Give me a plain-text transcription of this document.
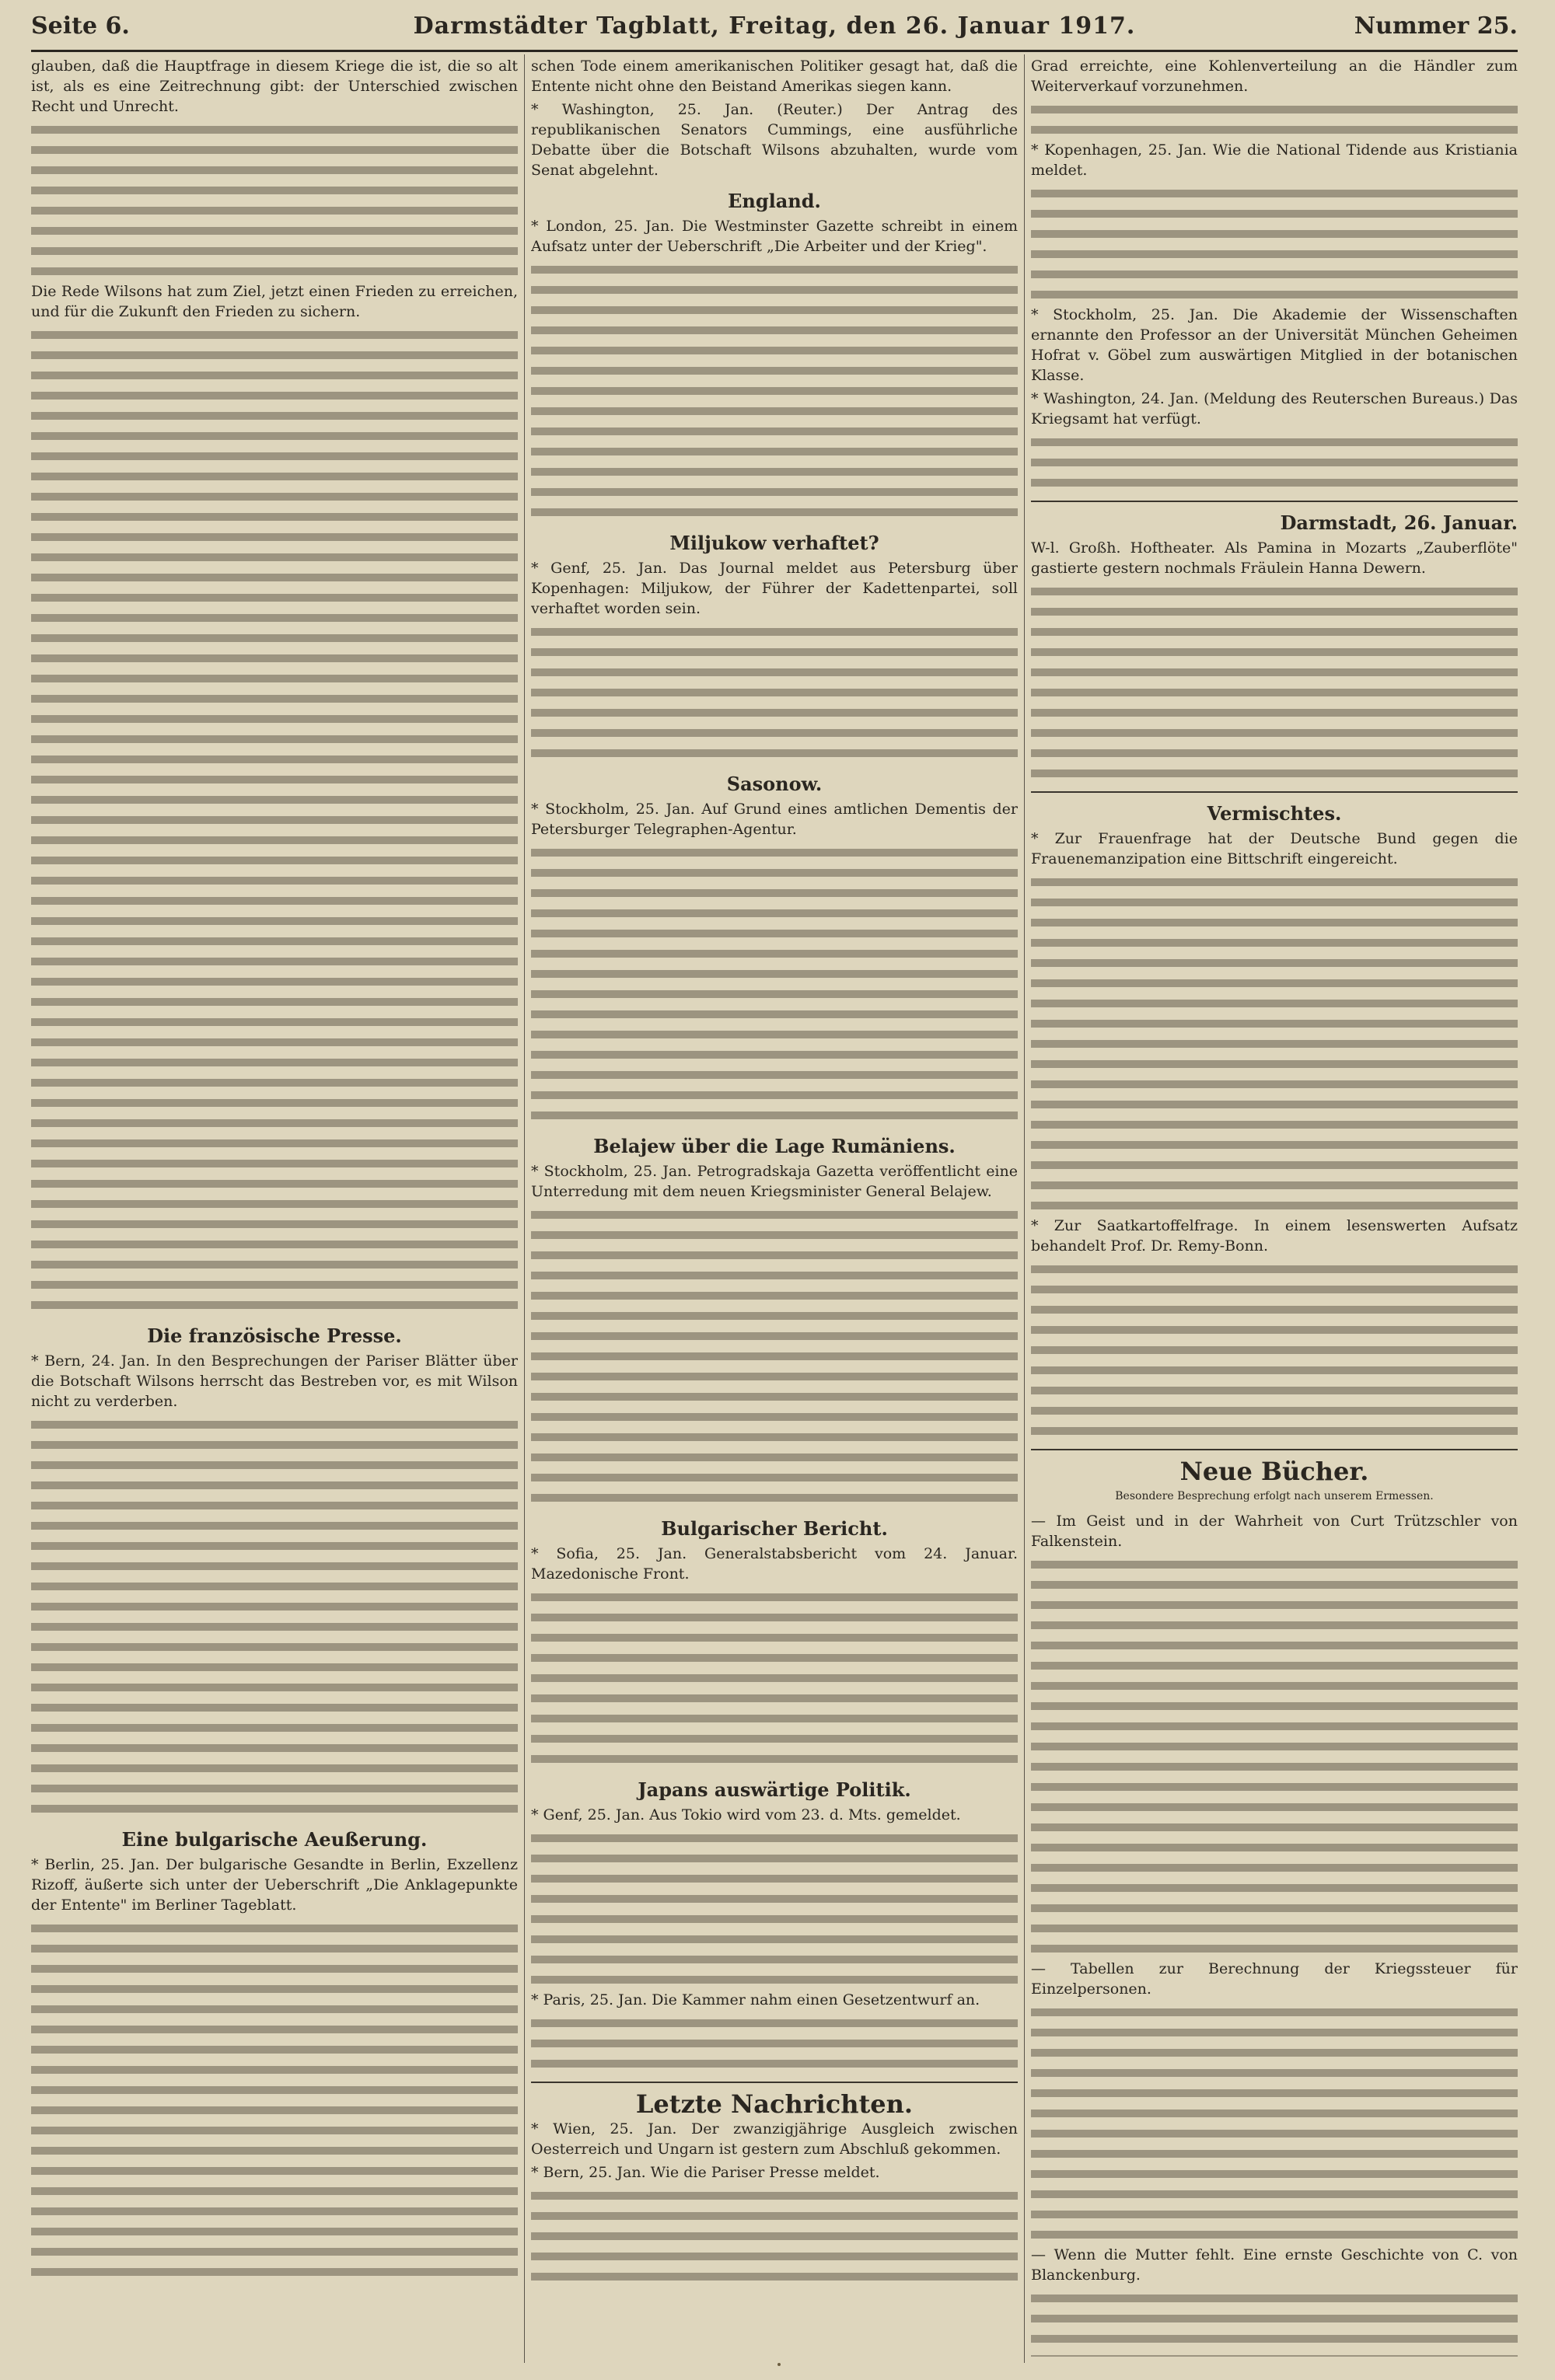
Seite 6.	Darmstädter Tagblatt, Freitag, den 26. Januar 1917.	Nummer 25.

glauben, daß die Hauptfrage in diesem Kriege die ist, die so alt ist, als es eine Zeitrechnung gibt: der Unterschied zwischen Recht und Unrecht.

Die Rede Wilsons hat zum Ziel, jetzt einen Frieden zu erreichen, und für die Zukunft den Frieden zu sichern.

Die französische Presse.

* Bern, 24. Jan. In den Besprechungen der Pariser Blätter über die Botschaft Wilsons herrscht das Bestreben vor, es mit Wilson nicht zu verderben.

Eine bulgarische Aeußerung.

* Berlin, 25. Jan. Der bulgarische Gesandte in Berlin, Exzellenz Rizoff, äußerte sich unter der Ueberschrift „Die Anklagepunkte der Entente" im Berliner Tageblatt.

schen Tode einem amerikanischen Politiker gesagt hat, daß die Entente nicht ohne den Beistand Amerikas siegen kann.

* Washington, 25. Jan. (Reuter.) Der Antrag des republikanischen Senators Cummings, eine ausführliche Debatte über die Botschaft Wilsons abzuhalten, wurde vom Senat abgelehnt.

England.

* London, 25. Jan. Die Westminster Gazette schreibt in einem Aufsatz unter der Ueberschrift „Die Arbeiter und der Krieg".

Miljukow verhaftet?

* Genf, 25. Jan. Das Journal meldet aus Petersburg über Kopenhagen: Miljukow, der Führer der Kadettenpartei, soll verhaftet worden sein.

Sasonow.

* Stockholm, 25. Jan. Auf Grund eines amtlichen Dementis der Petersburger Telegraphen-Agentur.

Belajew über die Lage Rumäniens.

* Stockholm, 25. Jan. Petrogradskaja Gazetta veröffentlicht eine Unterredung mit dem neuen Kriegsminister General Belajew.

Bulgarischer Bericht.

* Sofia, 25. Jan. Generalstabsbericht vom 24. Januar. Mazedonische Front.

Japans auswärtige Politik.

* Genf, 25. Jan. Aus Tokio wird vom 23. d. Mts. gemeldet.

* Paris, 25. Jan. Die Kammer nahm einen Gesetzentwurf an.

Letzte Nachrichten.

* Wien, 25. Jan. Der zwanzigjährige Ausgleich zwischen Oesterreich und Ungarn ist gestern zum Abschluß gekommen.

* Bern, 25. Jan. Wie die Pariser Presse meldet.

Grad erreichte, eine Kohlenverteilung an die Händler zum Weiterverkauf vorzunehmen.

* Kopenhagen, 25. Jan. Wie die National Tidende aus Kristiania meldet.

* Stockholm, 25. Jan. Die Akademie der Wissenschaften ernannte den Professor an der Universität München Geheimen Hofrat v. Göbel zum auswärtigen Mitglied in der botanischen Klasse.

* Washington, 24. Jan. (Meldung des Reuterschen Bureaus.) Das Kriegsamt hat verfügt.

Darmstadt, 26. Januar.

W-l. Großh. Hoftheater. Als Pamina in Mozarts „Zauberflöte" gastierte gestern nochmals Fräulein Hanna Dewern.

Vermischtes.

* Zur Frauenfrage hat der Deutsche Bund gegen die Frauenemanzipation eine Bittschrift eingereicht.

* Zur Saatkartoffelfrage. In einem lesenswerten Aufsatz behandelt Prof. Dr. Remy-Bonn.

Neue Bücher.
Besondere Besprechung erfolgt nach unserem Ermessen.

— Im Geist und in der Wahrheit von Curt Trützschler von Falkenstein.

— Tabellen zur Berechnung der Kriegssteuer für Einzelpersonen.

— Wenn die Mutter fehlt. Eine ernste Geschichte von C. von Blanckenburg.
